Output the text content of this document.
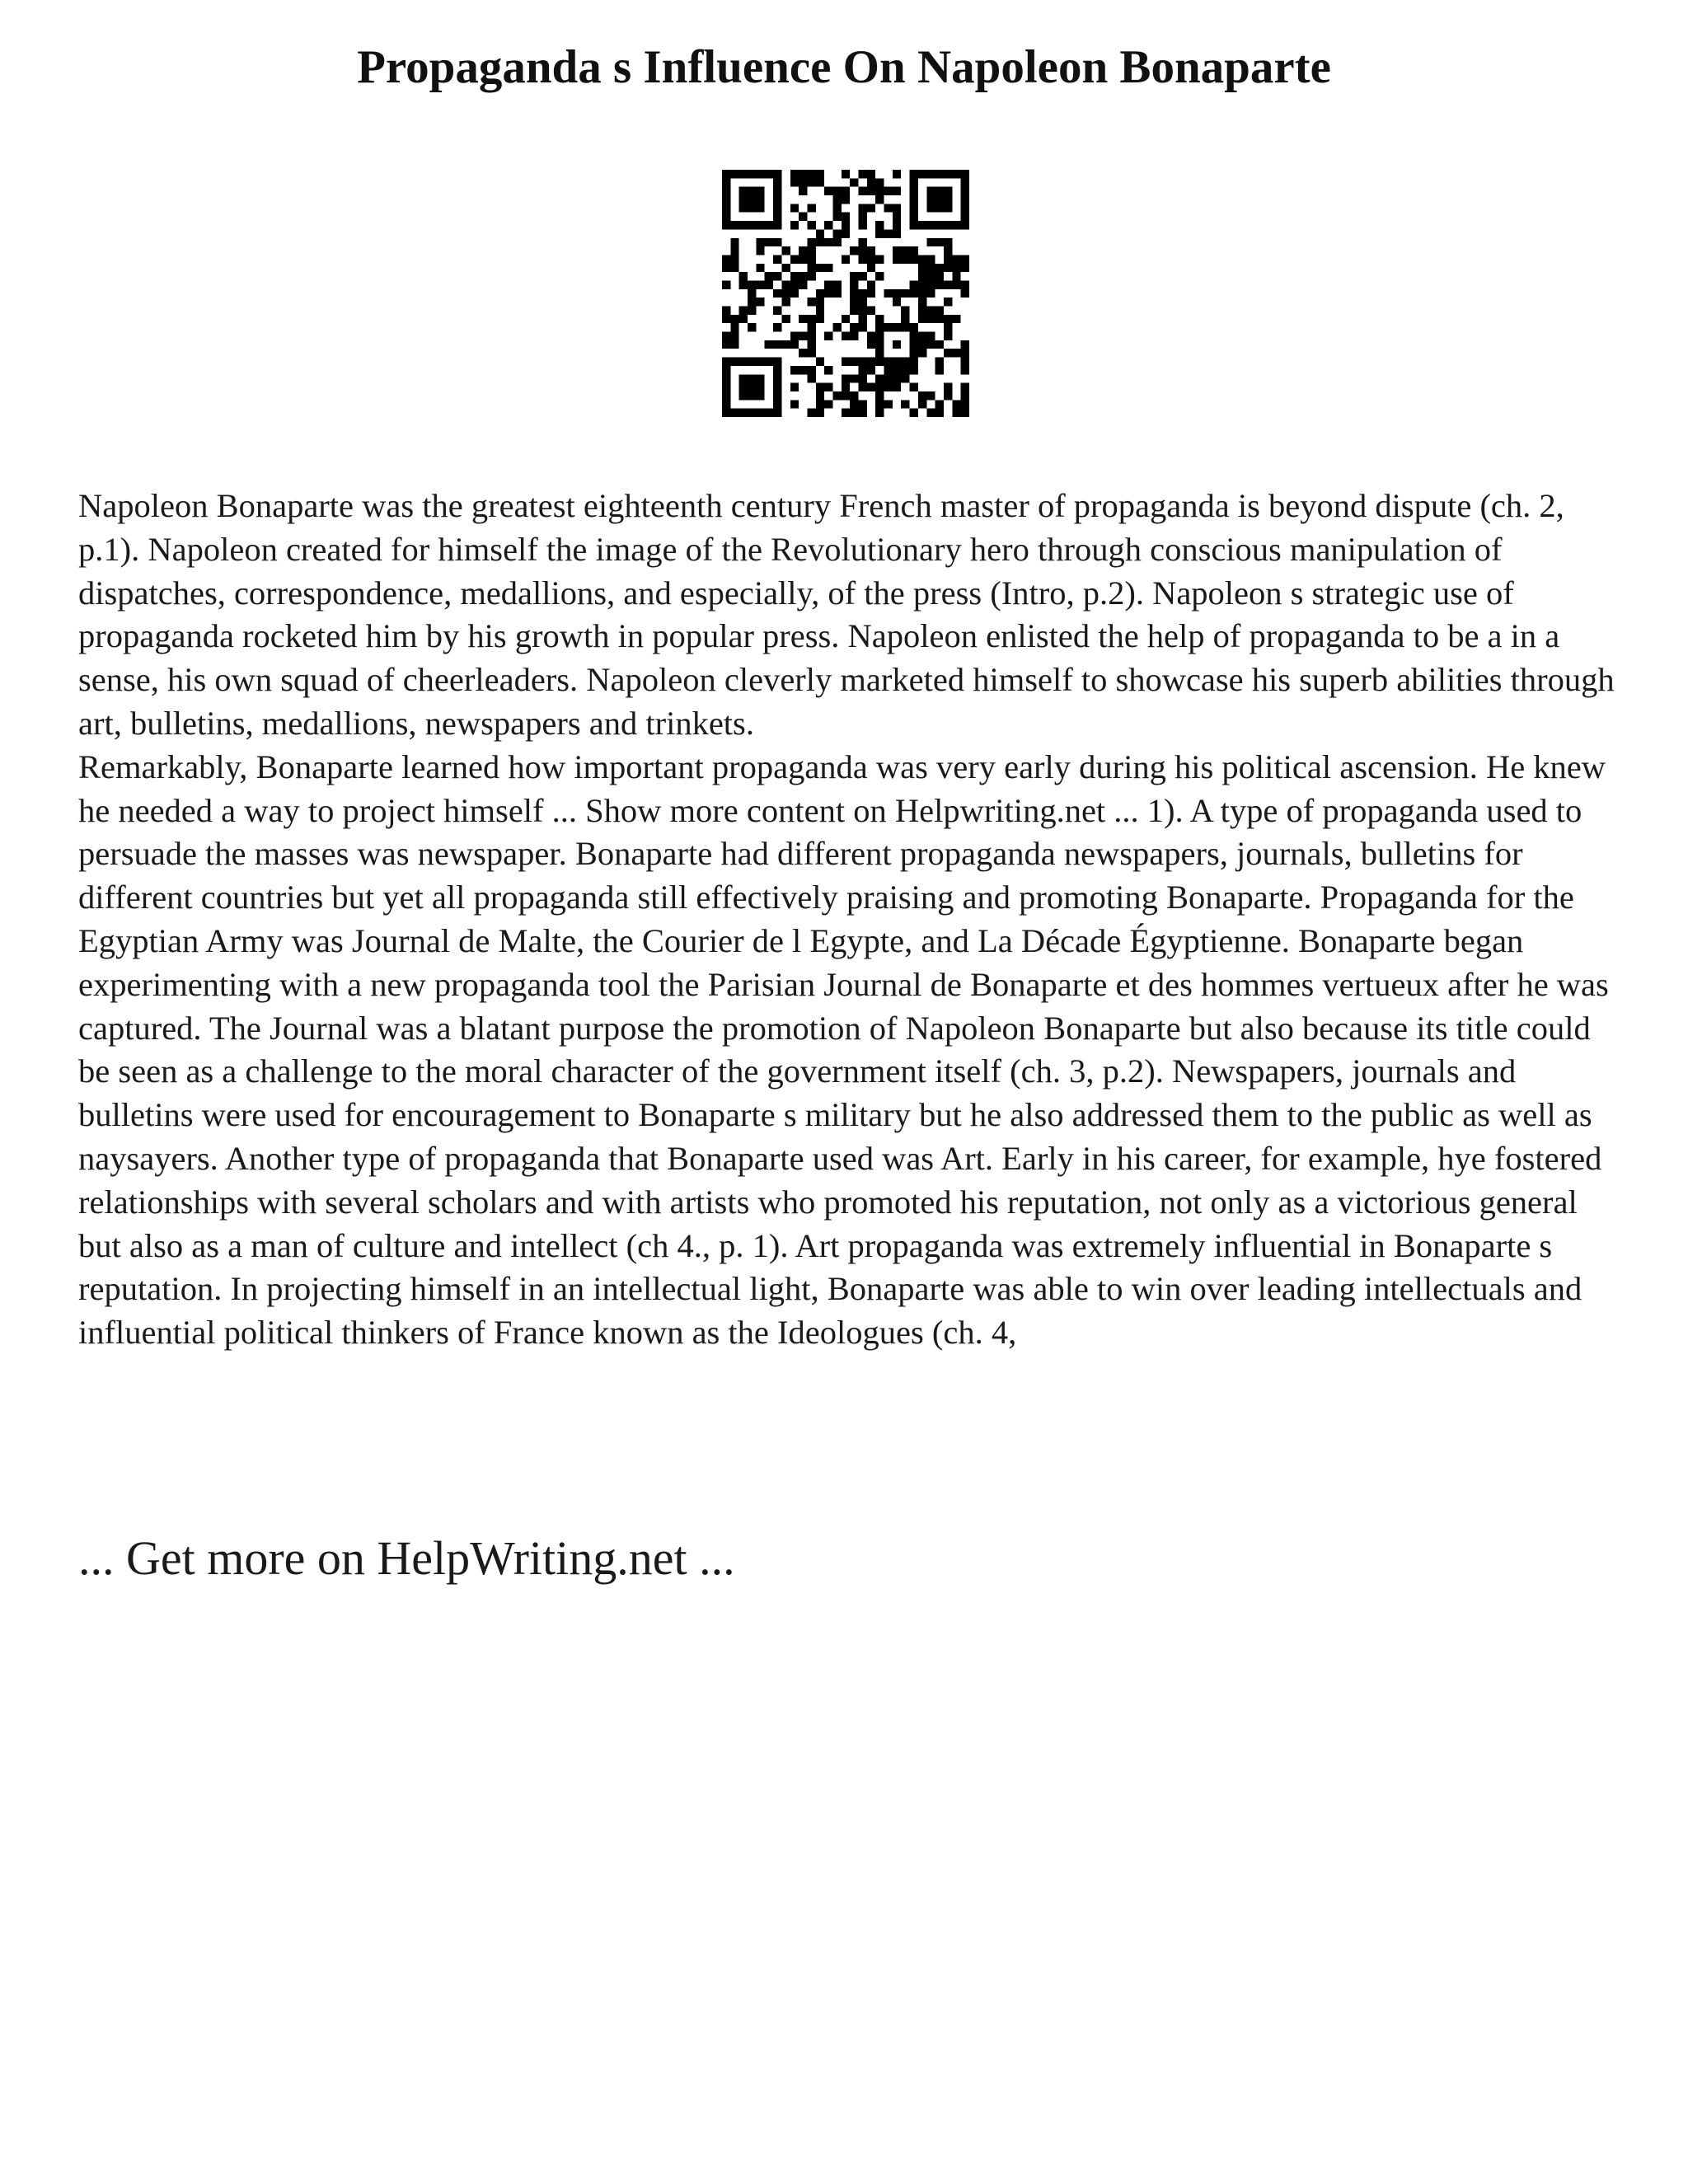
Propaganda s Influence On Napoleon Bonaparte

Napoleon Bonaparte was the greatest eighteenth century French master of propaganda is beyond dispute (ch. 2, p.1). Napoleon created for himself the image of the Revolutionary hero through conscious manipulation of dispatches, correspondence, medallions, and especially, of the press (Intro, p.2). Napoleon s strategic use of propaganda rocketed him by his growth in popular press. Napoleon enlisted the help of propaganda to be a in a sense, his own squad of cheerleaders. Napoleon cleverly marketed himself to showcase his superb abilities through art, bulletins, medallions, newspapers and trinkets.

Remarkably, Bonaparte learned how important propaganda was very early during his political ascension. He knew he needed a way to project himself ... Show more content on Helpwriting.net ... 1). A type of propaganda used to persuade the masses was newspaper. Bonaparte had different propaganda newspapers, journals, bulletins for different countries but yet all propaganda still effectively praising and promoting Bonaparte. Propaganda for the Egyptian Army was Journal de Malte, the Courier de l Egypte, and La Décade Égyptienne. Bonaparte began experimenting with a new propaganda tool the Parisian Journal de Bonaparte et des hommes vertueux after he was captured. The Journal was a blatant purpose the promotion of Napoleon Bonaparte but also because its title could be seen as a challenge to the moral character of the government itself (ch. 3, p.2). Newspapers, journals and bulletins were used for encouragement to Bonaparte s military but he also addressed them to the public as well as naysayers. Another type of propaganda that Bonaparte used was Art. Early in his career, for example, hye fostered relationships with several scholars and with artists who promoted his reputation, not only as a victorious general but also as a man of culture and intellect (ch 4., p. 1). Art propaganda was extremely influential in Bonaparte s reputation. In projecting himself in an intellectual light, Bonaparte was able to win over leading intellectuals and influential political thinkers of France known as the Ideologues (ch. 4,

... Get more on HelpWriting.net ...
